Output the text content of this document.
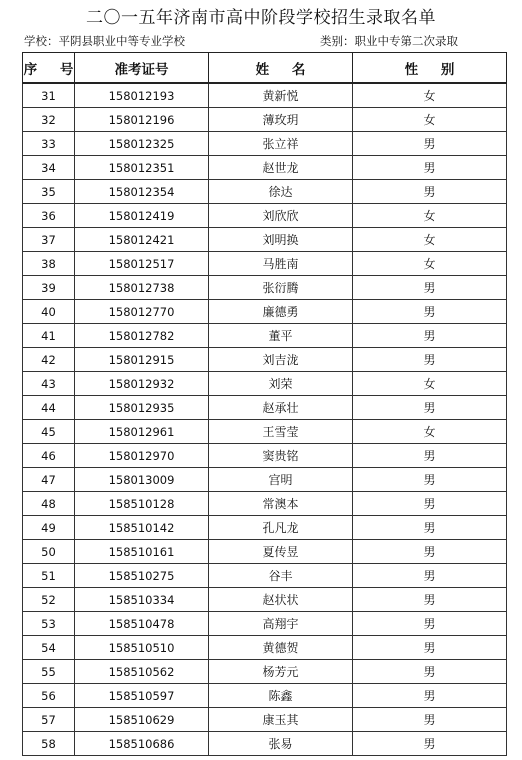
二〇一五年济南市高中阶段学校招生录取名单
学校：平阴县职业中等专业学校	类别：职业中专第二次录取
序 号	准考证号	姓 名	性 别
31	158012193	黄新悦	女
32	158012196	薄玫玥	女
33	158012325	张立祥	男
34	158012351	赵世龙	男
35	158012354	徐达	男
36	158012419	刘欣欣	女
37	158012421	刘明换	女
38	158012517	马胜南	女
39	158012738	张衍腾	男
40	158012770	廉德勇	男
41	158012782	董平	男
42	158012915	刘吉泷	男
43	158012932	刘荣	女
44	158012935	赵承壮	男
45	158012961	王雪莹	女
46	158012970	窦贵铭	男
47	158013009	宫明	男
48	158510128	常澳本	男
49	158510142	孔凡龙	男
50	158510161	夏传昱	男
51	158510275	谷丰	男
52	158510334	赵状状	男
53	158510478	高翔宇	男
54	158510510	黄德贺	男
55	158510562	杨芳元	男
56	158510597	陈鑫	男
57	158510629	康玉其	男
58	158510686	张易	男
